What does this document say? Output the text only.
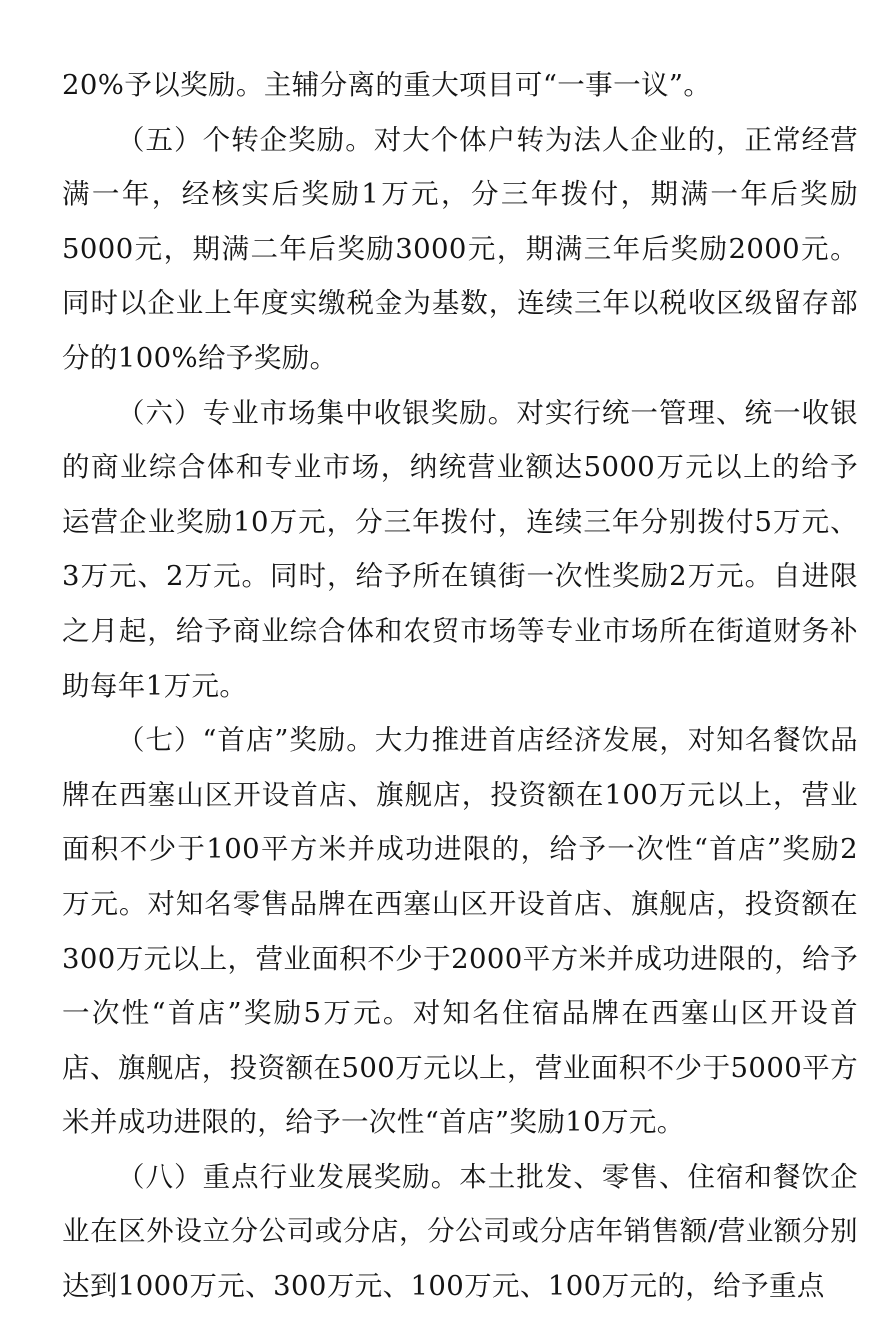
20%予以奖励。主辅分离的重大项目可“一事一议”。

（五）个转企奖励。对大个体户转为法人企业的，正常经营满一年，经核实后奖励1万元，分三年拨付，期满一年后奖励5000元，期满二年后奖励3000元，期满三年后奖励2000元。同时以企业上年度实缴税金为基数，连续三年以税收区级留存部分的100%给予奖励。

（六）专业市场集中收银奖励。对实行统一管理、统一收银的商业综合体和专业市场，纳统营业额达5000万元以上的给予运营企业奖励10万元，分三年拨付，连续三年分别拨付5万元、3万元、2万元。同时，给予所在镇街一次性奖励2万元。自进限之月起，给予商业综合体和农贸市场等专业市场所在街道财务补助每年1万元。

（七）“首店”奖励。大力推进首店经济发展，对知名餐饮品牌在西塞山区开设首店、旗舰店，投资额在100万元以上，营业面积不少于100平方米并成功进限的，给予一次性“首店”奖励2万元。对知名零售品牌在西塞山区开设首店、旗舰店，投资额在300万元以上，营业面积不少于2000平方米并成功进限的，给予一次性“首店”奖励5万元。对知名住宿品牌在西塞山区开设首店、旗舰店，投资额在500万元以上，营业面积不少于5000平方米并成功进限的，给予一次性“首店”奖励10万元。

（八）重点行业发展奖励。本土批发、零售、住宿和餐饮企业在区外设立分公司或分店，分公司或分店年销售额/营业额分别达到1000万元、300万元、100万元、100万元的，给予重点
